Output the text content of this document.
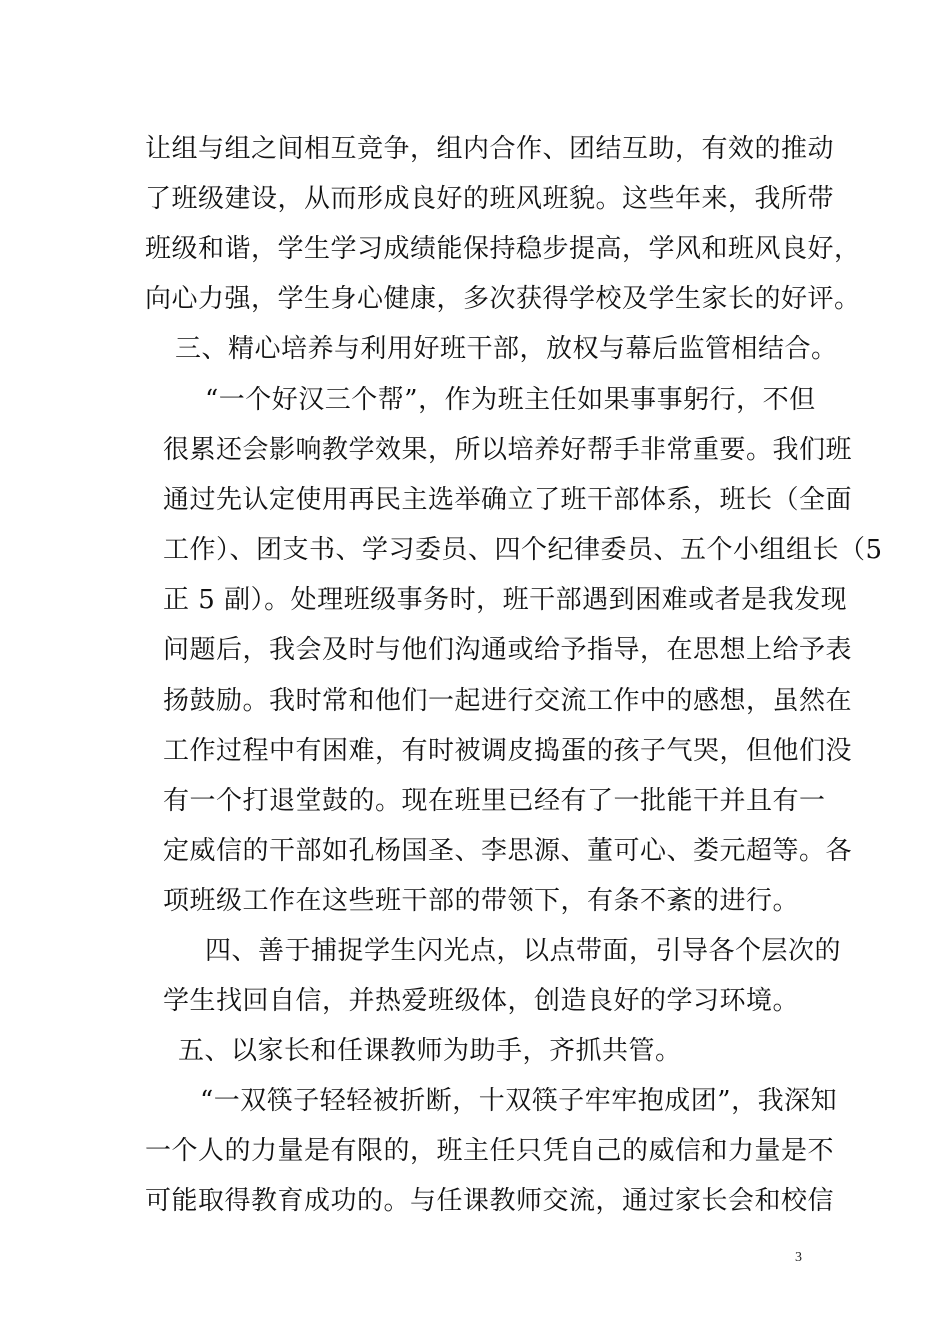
让组与组之间相互竞争，组内合作、团结互助，有效的推动
了班级建设，从而形成良好的班风班貌。这些年来，我所带
班级和谐，学生学习成绩能保持稳步提高，学风和班风良好，
向心力强，学生身心健康，多次获得学校及学生家长的好评。
三、精心培养与利用好班干部，放权与幕后监管相结合。
“一个好汉三个帮”，作为班主任如果事事躬行，不但
很累还会影响教学效果，所以培养好帮手非常重要。我们班
通过先认定使用再民主选举确立了班干部体系，班长（全面
工作）、团支书、学习委员、四个纪律委员、五个小组组长（5
正 5 副）。处理班级事务时，班干部遇到困难或者是我发现
问题后，我会及时与他们沟通或给予指导，在思想上给予表
扬鼓励。我时常和他们一起进行交流工作中的感想，虽然在
工作过程中有困难，有时被调皮捣蛋的孩子气哭，但他们没
有一个打退堂鼓的。现在班里已经有了一批能干并且有一
定威信的干部如孔杨国圣、李思源、董可心、娄元超等。各
项班级工作在这些班干部的带领下，有条不紊的进行。
四、善于捕捉学生闪光点，以点带面，引导各个层次的
学生找回自信，并热爱班级体，创造良好的学习环境。
五、以家长和任课教师为助手，齐抓共管。
“一双筷子轻轻被折断，十双筷子牢牢抱成团”，我深知
一个人的力量是有限的，班主任只凭自己的威信和力量是不
可能取得教育成功的。与任课教师交流，通过家长会和校信
3
